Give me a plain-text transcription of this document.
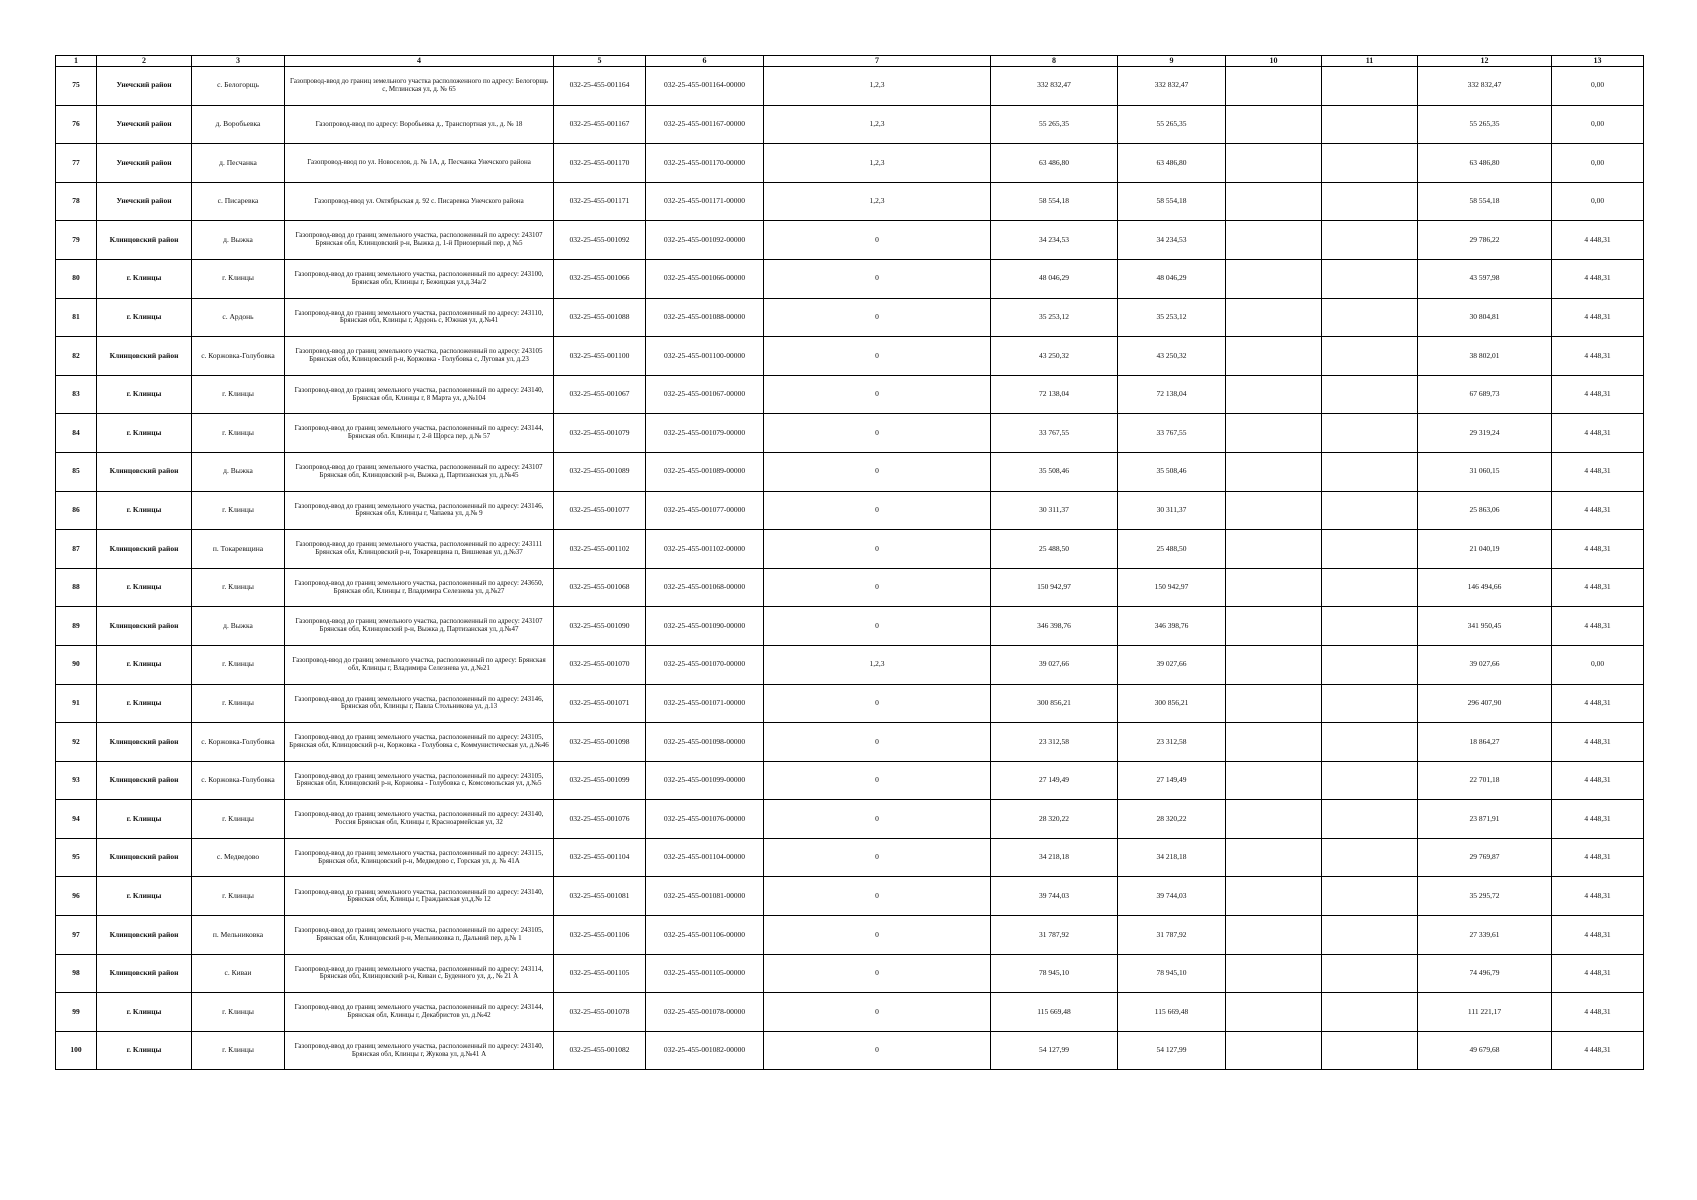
1	2	3	4	5	6	7	8	9	10	11	12	13
75	Унечский район	с. Белогорщь	Газопровод-ввод до границ земельного участка расположенного по адресу: Белогорщь с, Мглинская ул, д. № 65	032-25-455-001164	032-25-455-001164-00000	1,2,3	332 832,47	332 832,47			332 832,47	0,00
76	Унечский район	д. Воробьевка	Газопровод-ввод по адресу: Воробьевка д., Транспортная ул., д. № 18	032-25-455-001167	032-25-455-001167-00000	1,2,3	55 265,35	55 265,35			55 265,35	0,00
77	Унечский район	д. Песчанка	Газопровод-ввод по ул. Новоселов, д. № 1А, д. Песчанка Унечского района	032-25-455-001170	032-25-455-001170-00000	1,2,3	63 486,80	63 486,80			63 486,80	0,00
78	Унечский район	с. Писаревка	Газопровод-ввод ул. Октябрьская д. 92 с. Писаревка Унечского района	032-25-455-001171	032-25-455-001171-00000	1,2,3	58 554,18	58 554,18			58 554,18	0,00
79	Клинцовский район	д. Выжка	Газопровод-ввод до границ земельного участка, расположенный по адресу: 243107 Брянская обл, Клинцовский р-н, Выжка д, 1-й Приозерный пер, д №5	032-25-455-001092	032-25-455-001092-00000	0	34 234,53	34 234,53			29 786,22	4 448,31
80	г. Клинцы	г. Клинцы	Газопровод-ввод до границ земельного участка, расположенный по адресу: 243100, Брянская обл, Клинцы г, Бежицкая ул,д.34а/2	032-25-455-001066	032-25-455-001066-00000	0	48 046,29	48 046,29			43 597,98	4 448,31
81	г. Клинцы	с. Ардонь	Газопровод-ввод до границ земельного участка, расположенный по адресу: 243110, Брянская обл, Клинцы г, Ардонь с, Южная ул, д.№41	032-25-455-001088	032-25-455-001088-00000	0	35 253,12	35 253,12			30 804,81	4 448,31
82	Клинцовский район	с. Коржовка-Голубовка	Газопровод-ввод до границ земельного участка, расположенный по адресу: 243105 Брянская обл, Клинцовский р-н, Коржовка - Голубовка с, Луговая ул, д.23	032-25-455-001100	032-25-455-001100-00000	0	43 250,32	43 250,32			38 802,01	4 448,31
83	г. Клинцы	г. Клинцы	Газопровод-ввод до границ земельного участка, расположенный по адресу: 243140, Брянская обл, Клинцы г, 8 Марта ул, д.№104	032-25-455-001067	032-25-455-001067-00000	0	72 138,04	72 138,04			67 689,73	4 448,31
84	г. Клинцы	г. Клинцы	Газопровод-ввод до границ земельного участка, расположенный по адресу: 243144, Брянская обл. Клинцы г, 2-й Щорса пер, д.№ 57	032-25-455-001079	032-25-455-001079-00000	0	33 767,55	33 767,55			29 319,24	4 448,31
85	Клинцовский район	д. Выжка	Газопровод-ввод до границ земельного участка, расположенный по адресу: 243107 Брянская обл, Клинцовский р-н, Выжка д, Партизанская ул, д.№45	032-25-455-001089	032-25-455-001089-00000	0	35 508,46	35 508,46			31 060,15	4 448,31
86	г. Клинцы	г. Клинцы	Газопровод-ввод до границ земельного участка, расположенный по адресу: 243146, Брянская обл, Клинцы г, Чапаева ул, д.№ 9	032-25-455-001077	032-25-455-001077-00000	0	30 311,37	30 311,37			25 863,06	4 448,31
87	Клинцовский район	п. Токаревщина	Газопровод-ввод до границ земельного участка, расположенный по адресу: 243111 Брянская обл, Клинцовский р-н, Токаревщина п, Вишневая ул, д.№37	032-25-455-001102	032-25-455-001102-00000	0	25 488,50	25 488,50			21 040,19	4 448,31
88	г. Клинцы	г. Клинцы	Газопровод-ввод до границ земельного участка, расположенный по адресу: 243650, Брянская обл, Клинцы г, Владимира Селезнева ул, д.№27	032-25-455-001068	032-25-455-001068-00000	0	150 942,97	150 942,97			146 494,66	4 448,31
89	Клинцовский район	д. Выжка	Газопровод-ввод до границ земельного участка, расположенный по адресу: 243107 Брянская обл, Клинцовский р-н, Выжка д, Партизанская ул, д.№47	032-25-455-001090	032-25-455-001090-00000	0	346 398,76	346 398,76			341 950,45	4 448,31
90	г. Клинцы	г. Клинцы	Газопровод-ввод до границ земельного участка, расположенный по адресу: Брянская обл, Клинцы г, Владимира Селезнева ул, д.№21	032-25-455-001070	032-25-455-001070-00000	1,2,3	39 027,66	39 027,66			39 027,66	0,00
91	г. Клинцы	г. Клинцы	Газопровод-ввод до границ земельного участка, расположенный по адресу: 243146, Брянская обл, Клинцы г, Павла Стольникова ул, д.13	032-25-455-001071	032-25-455-001071-00000	0	300 856,21	300 856,21			296 407,90	4 448,31
92	Клинцовский район	с. Коржовка-Голубовка	Газопровод-ввод до границ земельного участка, расположенный по адресу: 243105, Брянская обл, Клинцовский р-н, Коржовка - Голубовка с, Коммунистическая ул, д.№46	032-25-455-001098	032-25-455-001098-00000	0	23 312,58	23 312,58			18 864,27	4 448,31
93	Клинцовский район	с. Коржовка-Голубовка	Газопровод-ввод до границ земельного участка, расположенный по адресу: 243105, Брянская обл, Клинцовский р-н, Коржовка - Голубовка с, Комсомольская ул, д.№5	032-25-455-001099	032-25-455-001099-00000	0	27 149,49	27 149,49			22 701,18	4 448,31
94	г. Клинцы	г. Клинцы	Газопровод-ввод до границ земельного участка, расположенный по адресу: 243140, Россия Брянская обл, Клинцы г, Красноармейская ул, 32	032-25-455-001076	032-25-455-001076-00000	0	28 320,22	28 320,22			23 871,91	4 448,31
95	Клинцовский район	с. Медведово	Газопровод-ввод до границ земельного участка, расположенный по адресу: 243115, Брянская обл, Клинцовский р-н, Медведово с, Горская ул, д. № 41А	032-25-455-001104	032-25-455-001104-00000	0	34 218,18	34 218,18			29 769,87	4 448,31
96	г. Клинцы	г. Клинцы	Газопровод-ввод до границ земельного участка, расположенный по адресу: 243140, Брянская обл, Клинцы г, Гражданская ул,д.№ 12	032-25-455-001081	032-25-455-001081-00000	0	39 744,03	39 744,03			35 295,72	4 448,31
97	Клинцовский район	п. Мельниковка	Газопровод-ввод до границ земельного участка, расположенный по адресу: 243105, Брянская обл, Клинцовский р-н, Мельниковка п, Дальний пер, д.№ 1	032-25-455-001106	032-25-455-001106-00000	0	31 787,92	31 787,92			27 339,61	4 448,31
98	Клинцовский район	с. Киваи	Газопровод-ввод до границ земельного участка, расположенный по адресу: 243114, Брянская обл, Клинцовский р-н, Киваи с, Буденного ул, д., № 21 А	032-25-455-001105	032-25-455-001105-00000	0	78 945,10	78 945,10			74 496,79	4 448,31
99	г. Клинцы	г. Клинцы	Газопровод-ввод до границ земельного участка, расположенный по адресу: 243144, Брянская обл, Клинцы г, Декабристов ул, д.№42	032-25-455-001078	032-25-455-001078-00000	0	115 669,48	115 669,48			111 221,17	4 448,31
100	г. Клинцы	г. Клинцы	Газопровод-ввод до границ земельного участка, расположенный по адресу: 243140, Брянская обл, Клинцы г, Жукова ул, д.№41 А	032-25-455-001082	032-25-455-001082-00000	0	54 127,99	54 127,99			49 679,68	4 448,31
